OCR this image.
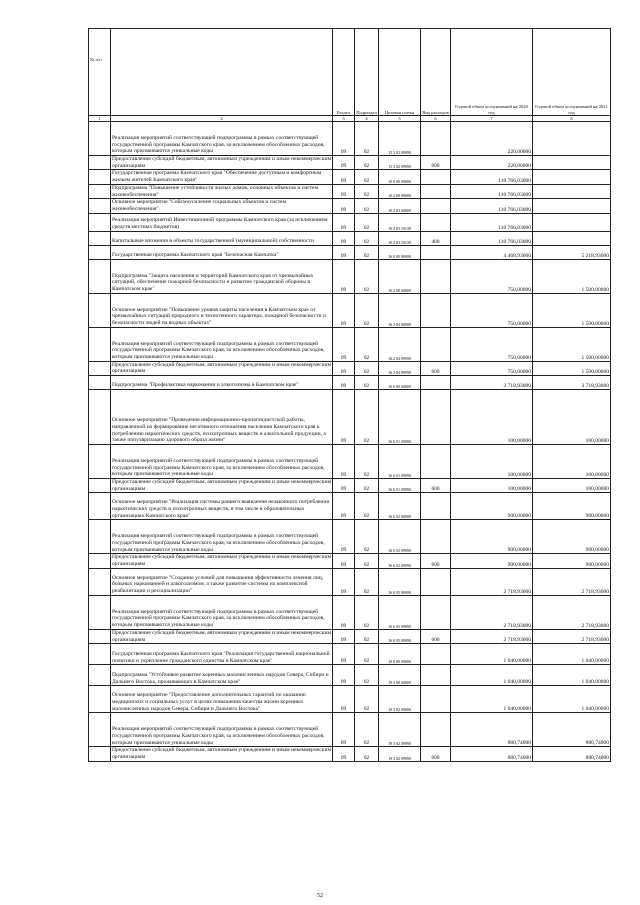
№ п/п		Раздел	Подраздел	Целевая статья	Вид расходов	Годовой объем ассигнований на 2020 год	Годовой объем ассигнований на 2021 год
1	2	3	4	5	6	7	8
	Реализация мероприятий соответствующей подпрограммы в рамках соответствующей государственной программы Камчатского края, за исключением обособленных расходов, которым присваиваются уникальные коды	09	02	15 3 02 09990		220,00000	
	Предоставление субсидий бюджетным, автономным учреждениям и иным некоммерческим организациям	09	02	15 3 02 09990	600	220,00000	
	Государственная программа Камчатского края "Обеспечение доступным и комфортным жильем жителей Камчатского края"	09	02	10 0 00 00000		110 766,03000	
	Подпрограмма "Повышение устойчивости жилых домов, основных объектов и систем жизнеобеспечения"	09	02	10 2 00 00000		110 766,03000	
	Основное мероприятие "Сейсмоусиление социальных объектов и систем жизнеобеспечения"	09	02	10 2 03 00000		110 766,03000	
	Реализация мероприятий Инвестиционной программы Камчатского края (за исключением средств местных бюджетов)	09	02	10 2 03 10130		110 766,03000	
	Капитальные вложения в объекты государственной (муниципальной) собственности	09	02	10 2 03 10130	400	110 766,03000	
	Государственная программа Камчатского края "Безопасная Камчатка"	09	02	16 0 00 00000		4 468,93000	5 218,93000
	Подпрограмма "Защита населения и территорий Камчатского края от чрезвычайных ситуаций, обеспечение пожарной безопасности и развитие гражданской обороны в Камчатском крае"	09	02	16 2 00 00000		750,00000	1 500,00000
	Основное мероприятие "Повышение уровня защиты населения в Камчатском крае от чрезвычайных ситуаций природного и техногенного характера, пожарной безопасности и безопасности людей на водных объектах"	09	02	16 2 04 00000		750,00000	1 500,00000
	Реализация мероприятий соответствующей подпрограммы в рамках соответствующей государственной программы Камчатского края, за исключением обособленных расходов, которым присваиваются уникальные коды	09	02	16 2 04 09990		750,00000	1 500,00000
	Предоставление субсидий бюджетным, автономным учреждениям и иным некоммерческим организациям	09	02	16 2 04 09990	600	750,00000	1 500,00000
	Подпрограмма "Профилактика наркомании и алкоголизма в Камчатском крае"	09	02	16 6 00 00000		3 718,93000	3 718,93000
	Основное мероприятие "Проведение информационно-пропагандистской работы, направленной на формирование негативного отношения населения Камчатского края к потреблению наркотических средств, психотропных веществ и алкогольной продукции, а также популяризацию здорового образа жизни"	09	02	16 6 01 00000		100,00000	100,00000
	Реализация мероприятий соответствующей подпрограммы в рамках соответствующей государственной программы Камчатского края, за исключением обособленных расходов, которым присваиваются уникальные коды	09	02	16 6 01 09990		100,00000	100,00000
	Предоставление субсидий бюджетным, автономным учреждениям и иным некоммерческим организациям	09	02	16 6 01 09990	600	100,00000	100,00000
	Основное мероприятие "Реализация системы раннего выявления незаконного потребления наркотических средств и психотропных веществ, в том числе в образовательных организациях Камчатского края"	09	02	16 6 02 00000		900,00000	900,00000
	Реализация мероприятий соответствующей подпрограммы в рамках соответствующей государственной программы Камчатского края, за исключением обособленных расходов, которым присваиваются уникальные коды	09	02	16 6 02 09990		900,00000	900,00000
	Предоставление субсидий бюджетным, автономным учреждениям и иным некоммерческим организациям	09	02	16 6 02 09990	600	900,00000	900,00000
	Основное мероприятие "Создание условий для повышения эффективности лечения лиц, больных наркоманией и алкоголизмом, а также развитие системы их комплексной реабилитации и ресоциализации"	09	02	16 6 05 00000		2 718,93000	2 718,93000
	Реализация мероприятий соответствующей подпрограммы в рамках соответствующей государственной программы Камчатского края, за исключением обособленных расходов, которым присваиваются уникальные коды	09	02	16 6 05 09990		2 718,93000	2 718,93000
	Предоставление субсидий бюджетным, автономным учреждениям и иным некоммерческим организациям	09	02	16 6 05 09990	600	2 718,93000	2 718,93000
	Государственная программа Камчатского края "Реализация государственной национальной политики и укрепление гражданского единства в Камчатском крае"	09	02	19 0 00 00000		1 040,00000	1 040,00000
	Подпрограмма "Устойчивое развитие коренных малочисленных народов Севера, Сибири и Дальнего Востока, проживающих в Камчатском крае"	09	02	19 3 00 00000		1 040,00000	1 040,00000
	Основное мероприятие "Предоставление дополнительных гарантий по оказанию медицинских и социальных услуг в целях повышения качества жизни коренных малочисленных народов Севера, Сибири и Дальнего Востока"	09	02	19 3 02 00000		1 040,00000	1 040,00000
	Реализация мероприятий соответствующей подпрограммы в рамках соответствующей государственной программы Камчатского края, за исключением обособленных расходов, которым присваиваются уникальные коды	09	02	19 3 02 09990		880,74000	880,74000
	Предоставление субсидий бюджетным, автономным учреждениям и иным некоммерческим организациям	09	02	19 3 02 09990	600	880,74000	880,74000
52
